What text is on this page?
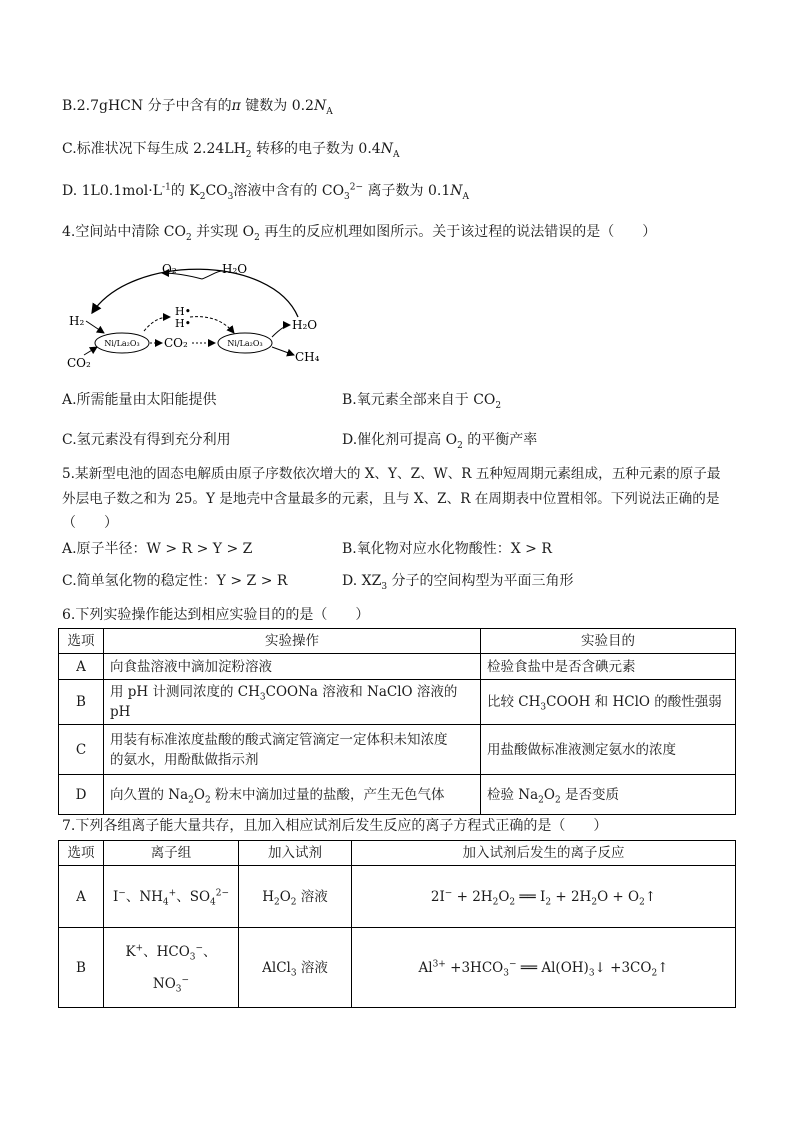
B.2.7gHCN 分子中含有的π 键数为 $0.2N_A$
C.标准状况下每生成 $2.24LH_2$ 转移的电子数为 $0.4N_A$
D. $1L0.1mol\cdot L^{-1}$的 $K_2CO_3$溶液中含有的 $CO_3^{2-}$ 离子数为 $0.1N_A$
4.空间站中清除 $CO_2$ 并实现 $O_2$ 再生的反应机理如图所示。关于该过程的说法错误的是（　　）
O₂	H₂O
H₂
CO₂
Ni/La₂O₃ CO₂
H•
H•
Ni/La₂O₃
H₂O
CH₄
A.所需能量由太阳能提供	B.氧元素全部来自于 $CO_2$
C.氢元素没有得到充分利用	D.催化剂可提高 $O_2$ 的平衡产率
5.某新型电池的固态电解质由原子序数依次增大的 X、Y、Z、W、R 五种短周期元素组成，五种元素的原子最
外层电子数之和为 25。Y 是地壳中含量最多的元素，且与 X、Z、R 在周期表中位置相邻。下列说法正确的是
（　　）
A.原子半径：W > R > Y > Z	B.氧化物对应水化物酸性：X > R
C.简单氢化物的稳定性：Y > Z > R	D. $XZ_3$ 分子的空间构型为平面三角形
6.下列实验操作能达到相应实验目的的是（　　）
选项	实验操作	实验目的
A	向食盐溶液中滴加淀粉溶液	检验食盐中是否含碘元素
B	用 pH 计测同浓度的 $CH_3COONa$ 溶液和 NaClO 溶液的 pH	比较 $CH_3COOH$ 和 HClO 的酸性强弱
C	用装有标准浓度盐酸的酸式滴定管滴定一定体积未知浓度
的氨水，用酚酞做指示剂	用盐酸做标准液测定氨水的浓度
D	向久置的 $Na_2O_2$ 粉末中滴加过量的盐酸，产生无色气体	检验 $Na_2O_2$ 是否变质
7.下列各组离子能大量共存，且加入相应试剂后发生反应的离子方程式正确的是（　　）
选项	离子组	加入试剂	加入试剂后发生的离子反应
A	I−、$NH_4^+$、$SO_4^{2-}$	$H_2O_2$ 溶液	$2I^- + 2H_2O_2$ ══ $I_2 + 2H_2O$ + $O_2↑$
B	K+、$HCO_3^-$、
$NO_3^-$	AlCl$_3$ 溶液	$Al^{3+} +3HCO_3^-$ ══ $Al(OH)_3↓$ $+3CO_2↑$
